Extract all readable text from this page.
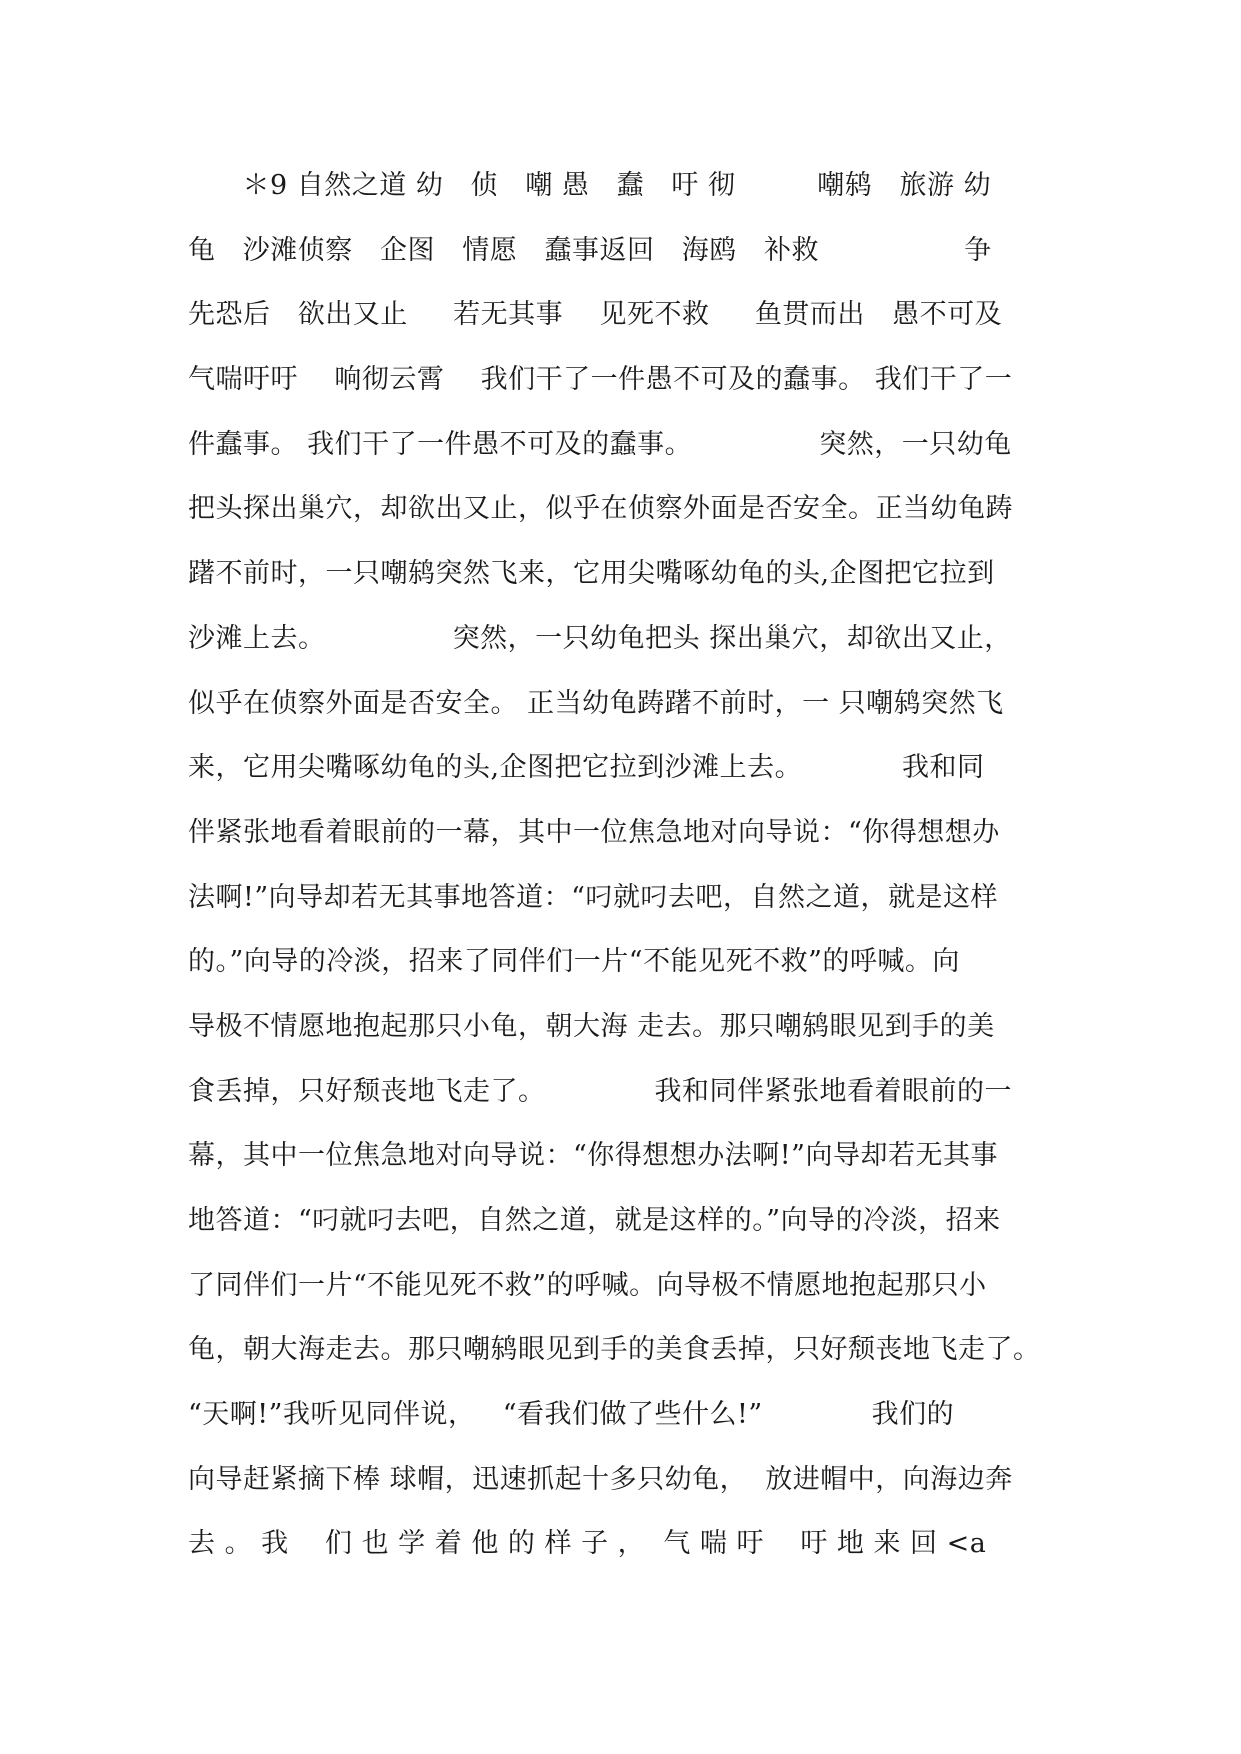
＊9 自然之道 幼   侦   嘲 愚   蠢   吁 彻         嘲鸫   旅游 幼
龟   沙滩侦察   企图   情愿   蠢事返回   海鸥   补救                争
先恐后   欲出又止     若无其事    见死不救     鱼贯而出   愚不可及
气喘吁吁    响彻云霄    我们干了一件愚不可及的蠢事。 我们干了一
件蠢事。 我们干了一件愚不可及的蠢事。              突然，一只幼龟
把头探出巢穴，却欲出又止，似乎在侦察外面是否安全。正当幼龟踌
躇不前时，一只嘲鸫突然飞来，它用尖嘴啄幼龟的头,企图把它拉到
沙滩上去。              突然，一只幼龟把头 探出巢穴，却欲出又止，
似乎在侦察外面是否安全。 正当幼龟踌躇不前时，一 只嘲鸫突然飞
来，它用尖嘴啄幼龟的头,企图把它拉到沙滩上去。           我和同
伴紧张地看着眼前的一幕，其中一位焦急地对向导说：“你得想想办
法啊!”向导却若无其事地答道：“叼就叼去吧，自然之道，就是这样
的。”向导的冷淡，招来了同伴们一片“不能见死不救”的呼喊。向
导极不情愿地抱起那只小龟，朝大海 走去。那只嘲鸫眼见到手的美
食丢掉，只好颓丧地飞走了。            我和同伴紧张地看着眼前的一
幕，其中一位焦急地对向导说：“你得想想办法啊!”向导却若无其事
地答道：“叼就叼去吧，自然之道，就是这样的。”向导的冷淡，招来
了同伴们一片“不能见死不救”的呼喊。向导极不情愿地抱起那只小
龟，朝大海走去。那只嘲鸫眼见到手的美食丢掉，只好颓丧地飞走了。
“天啊!”我听见同伴说，   “看我们做了些什么!”            我们的
向导赶紧摘下棒 球帽，迅速抓起十多只幼龟，  放进帽中，向海边奔
去 。 我    们 也 学 着 他 的 样 子 ，  气 喘 吁    吁 地 来 回 <a
